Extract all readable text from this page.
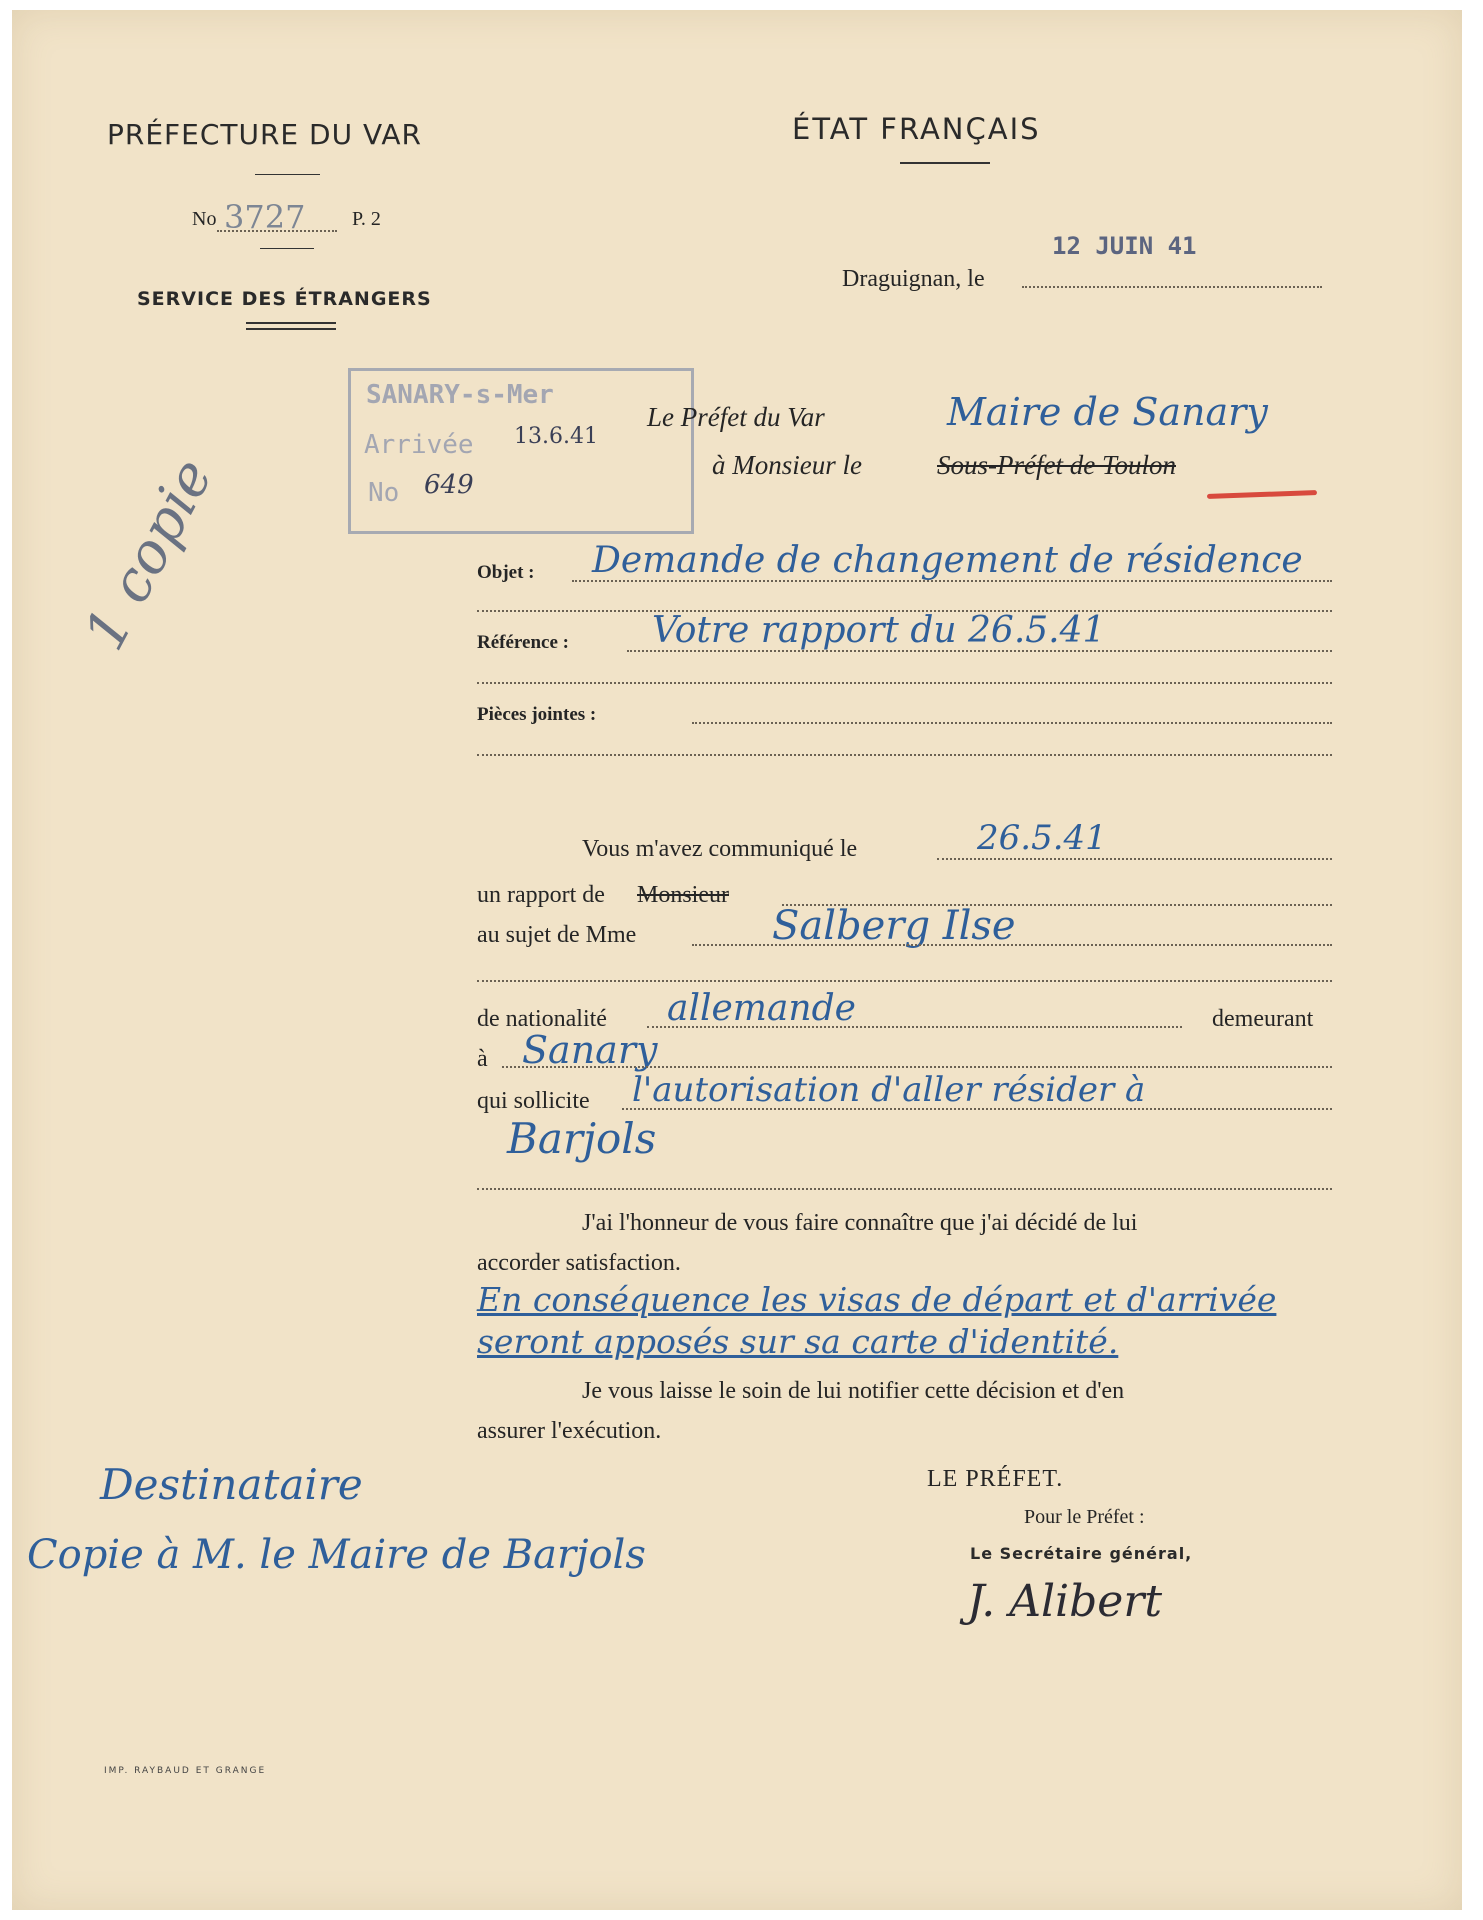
PRÉFECTURE DU VAR
No 3727 P. 2
SERVICE DES ÉTRANGERS
ÉTAT FRANÇAIS
Draguignan, le
12 JUIN 41
SANARY-s-Mer
Arrivée 13.6.41
No 649
Le Préfet du Var	Maire de Sanary
à Monsieur le	Sous-Préfet de Toulon
1 copie	Objet : Demande de changement de résidence
Référence : Votre rapport du 26.5.41
Pièces jointes :
Vous m'avez communiqué le	26.5.41
un rapport de Monsieur
au sujet de Mme	Salberg Ilse
de nationalité allemande	demeurant
à Sanary
qui sollicite l'autorisation d'aller résider à
Barjols
J'ai l'honneur de vous faire connaître que j'ai décidé de lui
accorder satisfaction.
En conséquence les visas de départ et d'arrivée
seront apposés sur sa carte d'identité.
Je vous laisse le soin de lui notifier cette décision et d'en
assurer l'exécution.
LE PRÉFET.
Pour le Préfet :
Le Secrétaire général,
J. Alibert
Destinataire
Copie à M. le Maire de Barjols
IMP. RAYBAUD ET GRANGE
